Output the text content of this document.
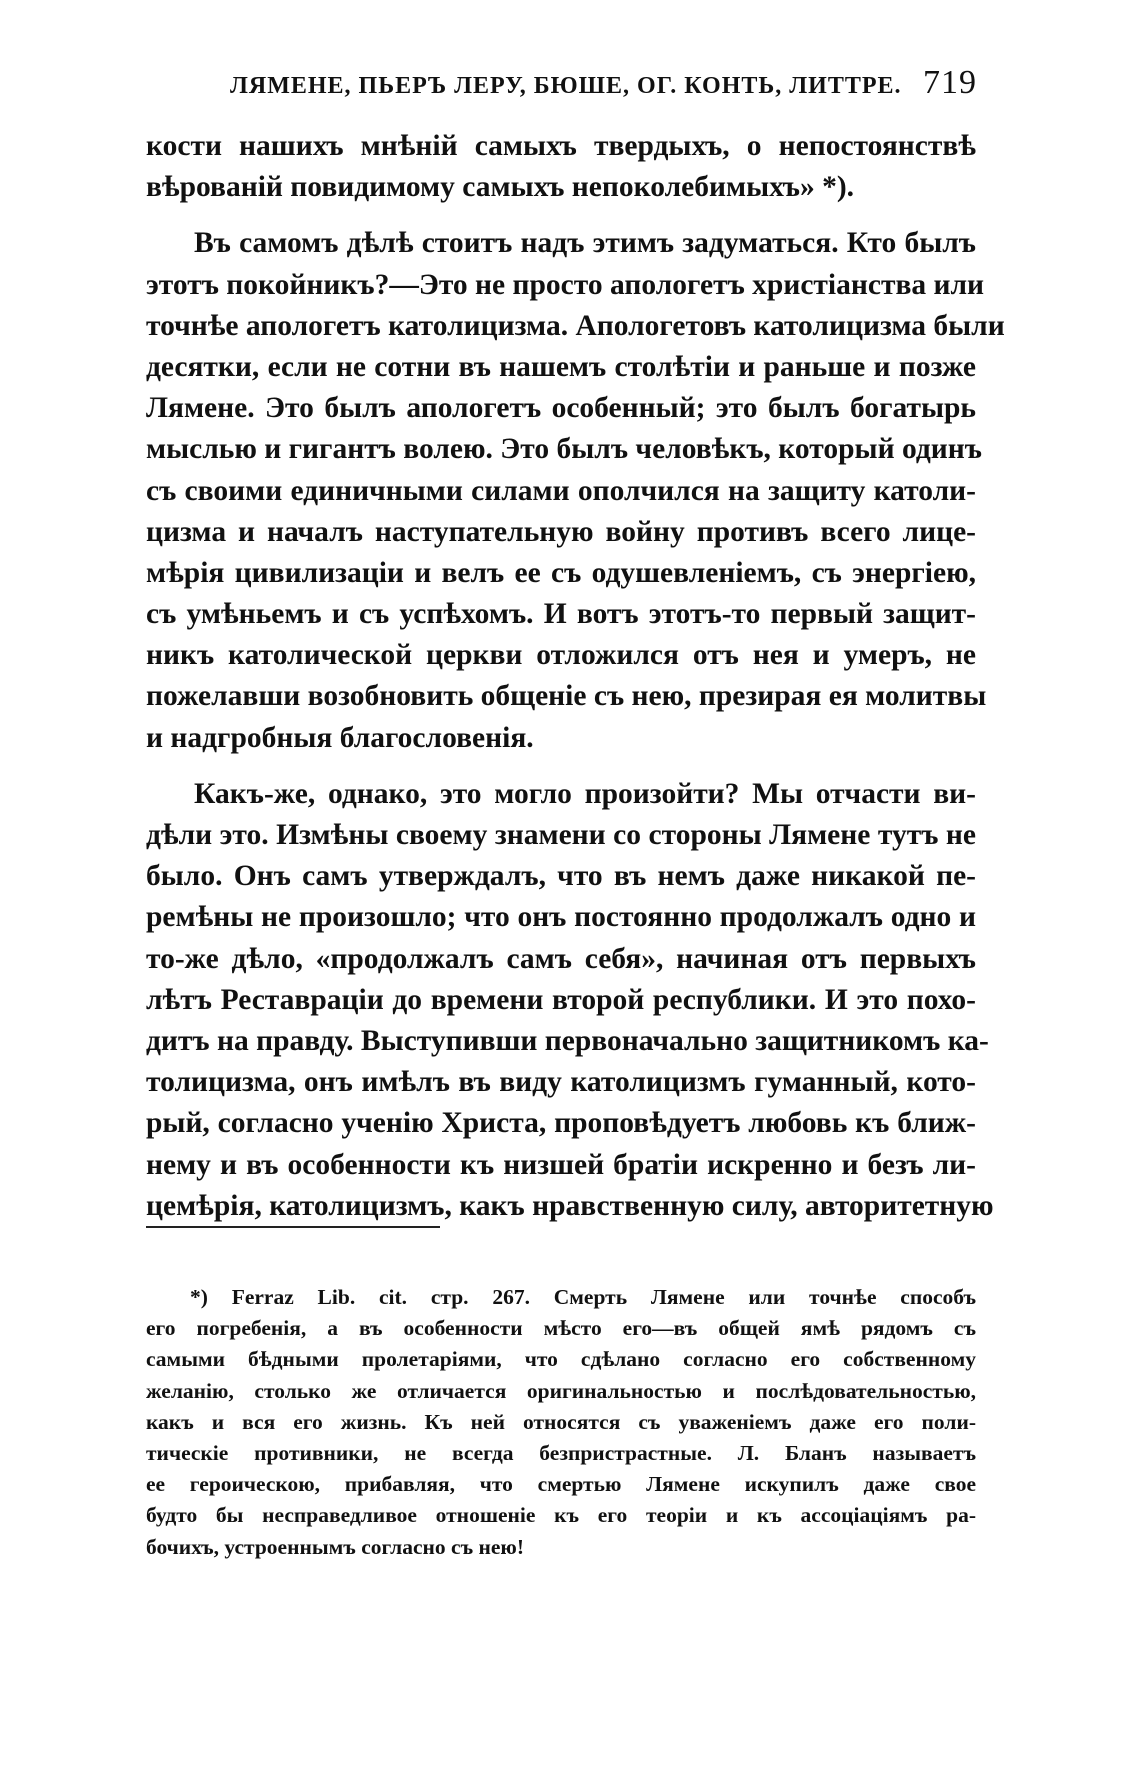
ЛЯМЕНЕ, ПЬЕРЪ ЛЕРУ, БЮШЕ, ОГ. КОНТЬ, ЛИТТРЕ. 719
кости нашихъ мнѣній самыхъ твердыхъ, о непостоянствѣ
вѣрованій повидимому самыхъ непоколебимыхъ» *).
Въ самомъ дѣлѣ стоитъ надъ этимъ задуматься. Кто былъ
этотъ покойникъ?—Это не просто апологетъ христіанства или
точнѣе апологетъ католицизма. Апологетовъ католицизма были
десятки, если не сотни въ нашемъ столѣтіи и раньше и позже
Лямене. Это былъ апологетъ особенный; это былъ богатырь
мыслью и гигантъ волею. Это былъ человѣкъ, который одинъ
съ своими единичными силами ополчился на защиту католи-
цизма и началъ наступательную войну противъ всего лице-
мѣрія цивилизаціи и велъ ее съ одушевленіемъ, съ энергіею,
съ умѣньемъ и съ успѣхомъ. И вотъ этотъ-то первый защит-
никъ католической церкви отложился отъ нея и умеръ, не
пожелавши возобновить общеніе съ нею, презирая ея молитвы
и надгробныя благословенія.
Какъ-же, однако, это могло произойти? Мы отчасти ви-
дѣли это. Измѣны своему знамени со стороны Лямене тутъ не
было. Онъ самъ утверждалъ, что въ немъ даже никакой пе-
ремѣны не произошло; что онъ постоянно продолжалъ одно и
то-же дѣло, «продолжалъ самъ себя», начиная отъ первыхъ
лѣтъ Реставраціи до времени второй республики. И это похо-
дитъ на правду. Выступивши первоначально защитникомъ ка-
толицизма, онъ имѣлъ въ виду католицизмъ гуманный, кото-
рый, согласно ученію Христа, проповѣдуетъ любовь къ ближ-
нему и въ особенности къ низшей братіи искренно и безъ ли-
цемѣрія, католицизмъ, какъ нравственную силу, авторитетную
*) Ferraz Lib. cit. стр. 267. Смерть Лямене или точнѣе способъ
его погребенія, а въ особенности мѣсто его—въ общей ямѣ рядомъ съ
самыми бѣдными пролетаріями, что сдѣлано согласно его собственному
желанію, столько же отличается оригинальностью и послѣдовательностью,
какъ и вся его жизнь. Къ ней относятся съ уваженіемъ даже его поли-
тическіе противники, не всегда безпристрастные. Л. Бланъ называетъ
ее героическою, прибавляя, что смертью Лямене искупилъ даже свое
будто бы несправедливое отношеніе къ его теоріи и къ ассоціаціямъ ра-
бочихъ, устроеннымъ согласно съ нею!
